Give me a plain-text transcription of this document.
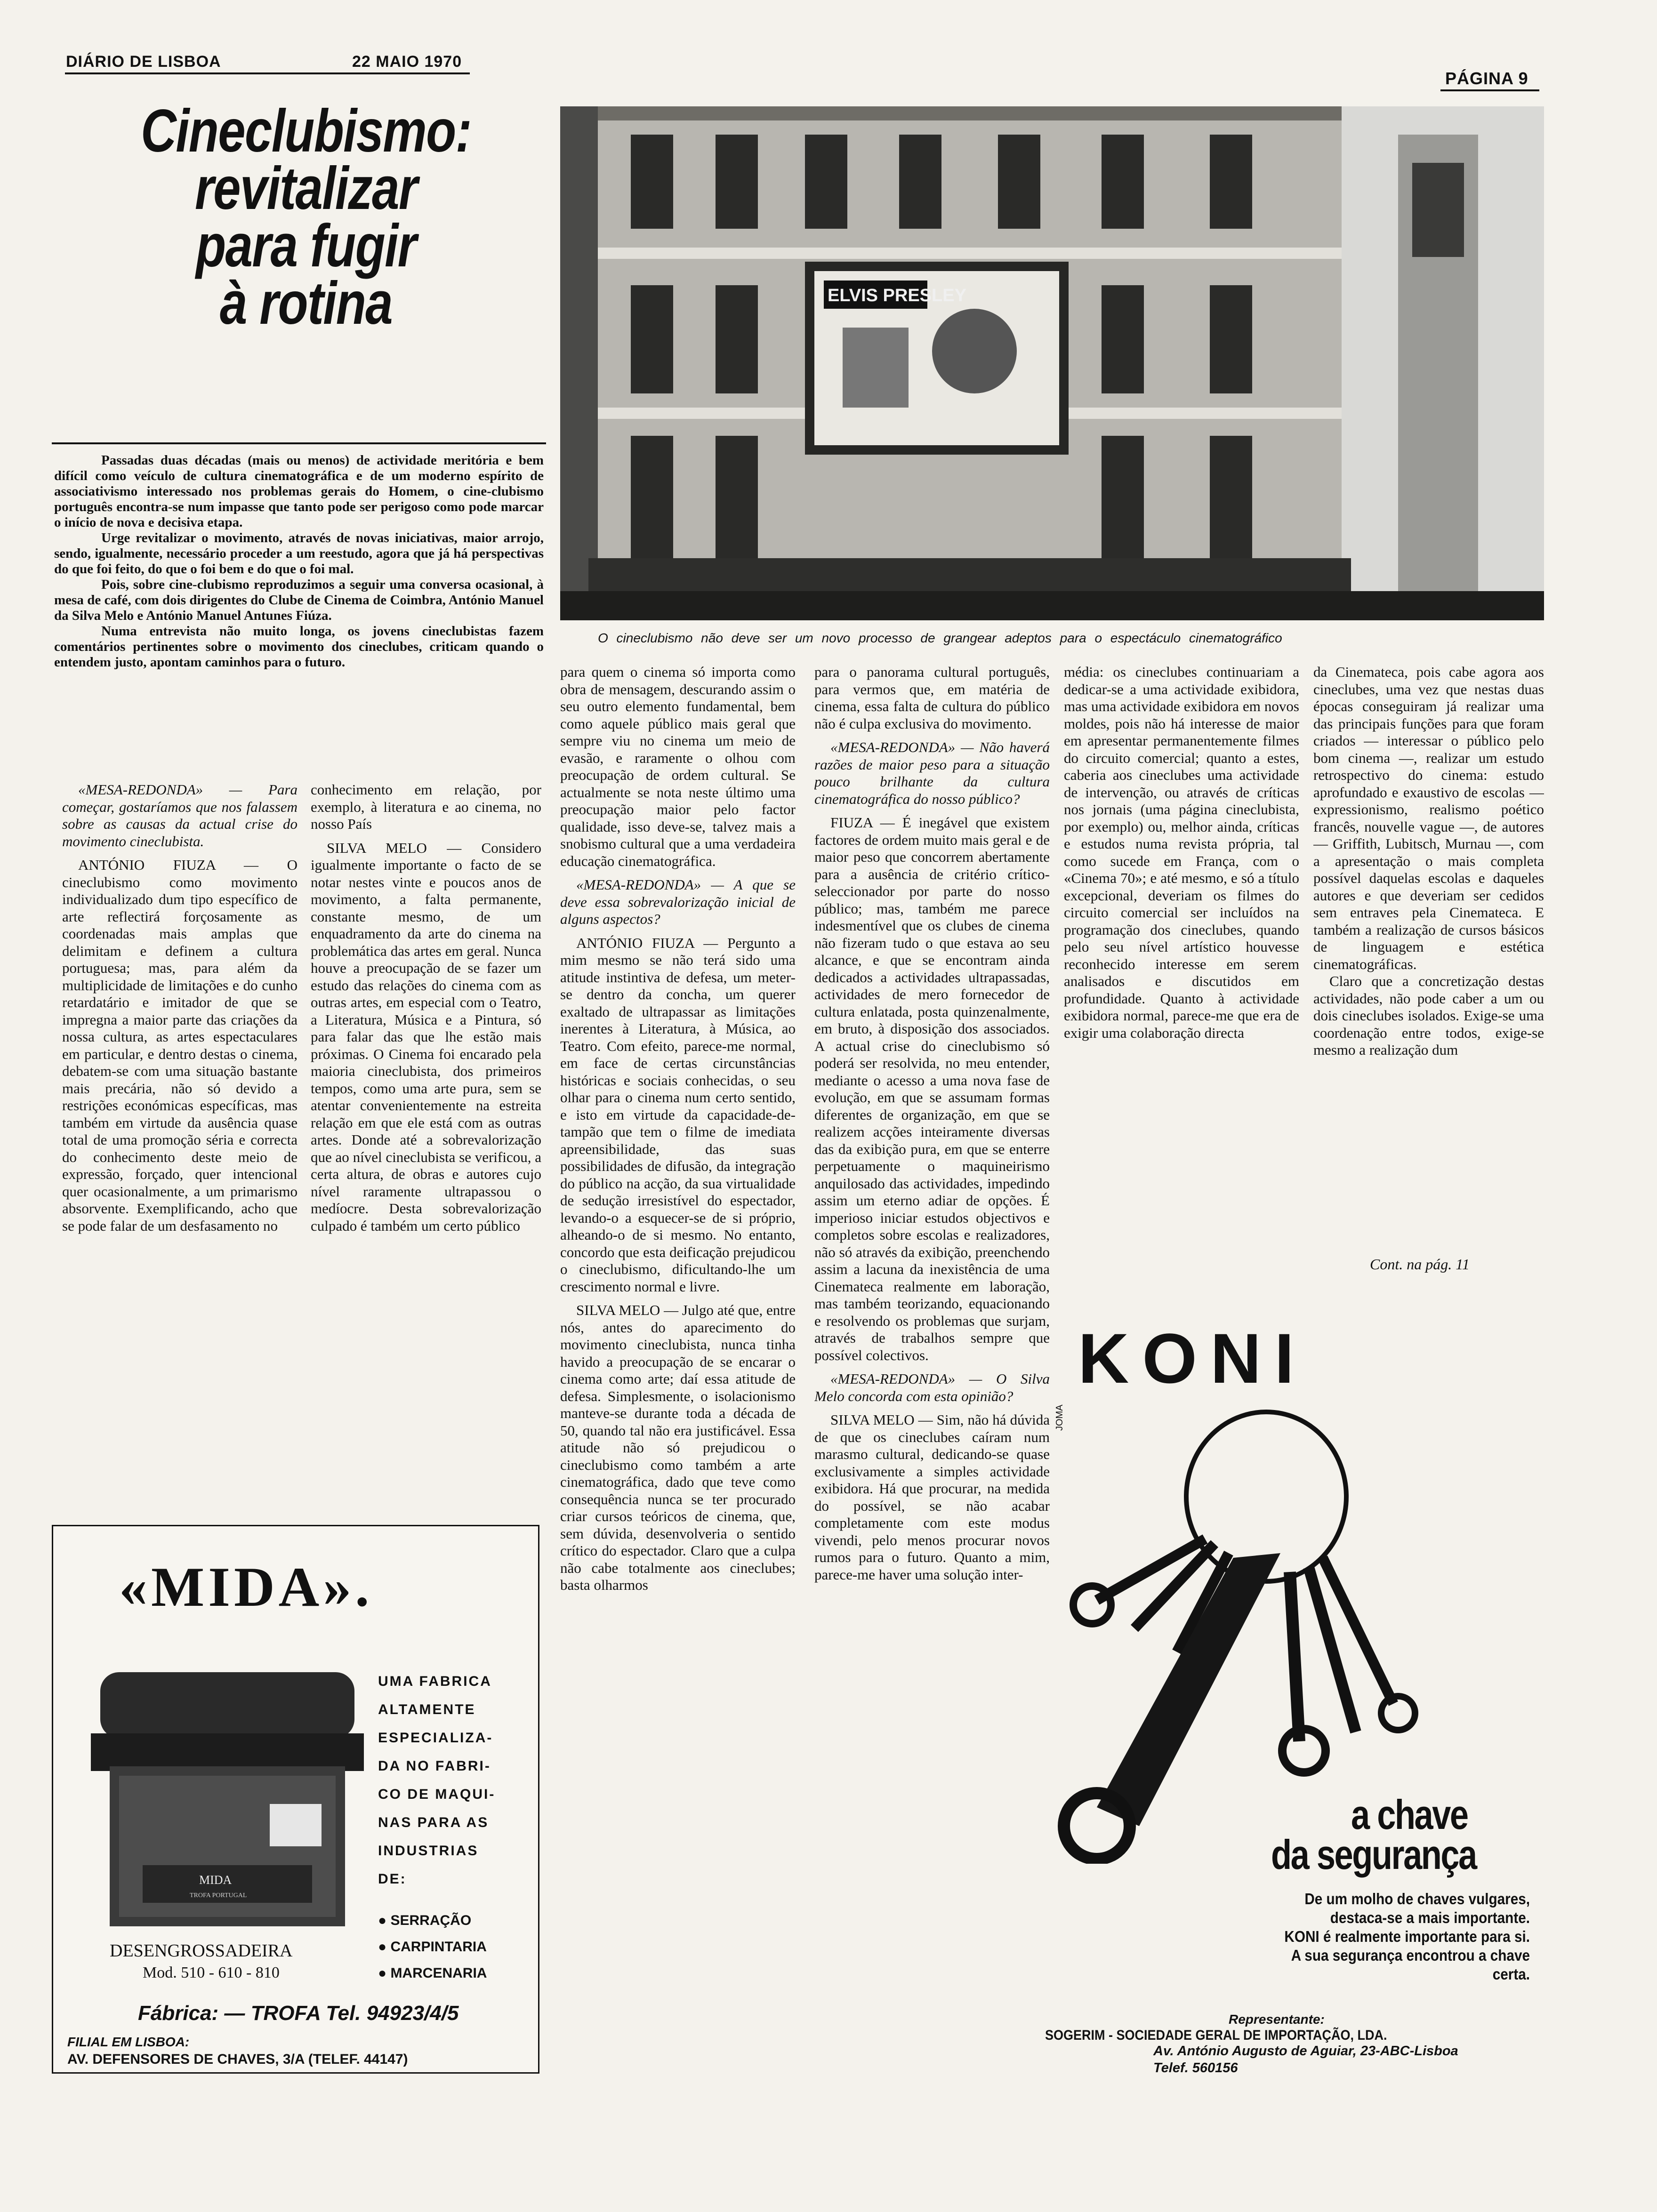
DIÁRIO DE LISBOA	22 MAIO 1970
PÁGINA 9
Cineclubismo:
revitalizar
para fugir
à rotina

Passadas duas décadas (mais ou menos) de actividade meritória e bem difícil como veículo de cultura cinematográfica e de um moderno espírito de associativismo interessado nos problemas gerais do Homem, o cine-clubismo português encontra-se num impasse que tanto pode ser perigoso como pode marcar o início de nova e decisiva etapa.

Urge revitalizar o movimento, através de novas iniciativas, maior arrojo, sendo, igualmente, necessário proceder a um reestudo, agora que já há perspectivas do que foi feito, do que o foi bem e do que o foi mal.

Pois, sobre cine-clubismo reproduzimos a seguir uma conversa ocasional, à mesa de café, com dois dirigentes do Clube de Cinema de Coimbra, António Manuel da Silva Melo e António Manuel Antunes Fiúza.

Numa entrevista não muito longa, os jovens cineclubistas fazem comentários pertinentes sobre o movimento dos cineclubes, criticam quando o entendem justo, apontam caminhos para o futuro.

ELVIS PRESLEY
O cineclubismo não deve ser um novo processo de grangear adeptos para o espectáculo cinematográfico

«MESA-REDONDA» — Para começar, gostaríamos que nos falassem sobre as causas da actual crise do movimento cineclubista.

ANTÓNIO FIUZA — O cineclubismo como movimento individualizado dum tipo específico de arte reflectirá forçosamente as coordenadas mais amplas que delimitam e definem a cultura portuguesa; mas, para além da multiplicidade de limitações e do cunho retardatário e imitador de que se impregna a maior parte das criações da nossa cultura, as artes espectaculares em particular, e dentro destas o cinema, debatem-se com uma situação bastante mais precária, não só devido a restrições económicas específicas, mas também em virtude da ausência quase total de uma promoção séria e correcta do conhecimento deste meio de expressão, forçado, quer intencional quer ocasionalmente, a um primarismo absorvente. Exemplificando, acho que se pode falar de um desfasamento no

conhecimento em relação, por exemplo, à literatura e ao cinema, no nosso País

SILVA MELO — Considero igualmente importante o facto de se notar nestes vinte e poucos anos de movimento, a falta permanente, constante mesmo, de um enquadramento da arte do cinema na problemática das artes em geral. Nunca houve a preocupação de se fazer um estudo das relações do cinema com as outras artes, em especial com o Teatro, a Literatura, Música e a Pintura, só para falar das que lhe estão mais próximas. O Cinema foi encarado pela maioria cineclubista, dos primeiros tempos, como uma arte pura, sem se atentar convenientemente na estreita relação em que ele está com as outras artes. Donde até a sobrevalorização que ao nível cineclubista se verificou, a certa altura, de obras e autores cujo nível raramente ultrapassou o medíocre. Desta sobrevalorização culpado é também um certo público

para quem o cinema só importa como obra de mensagem, descurando assim o seu outro elemento fundamental, bem como aquele público mais geral que sempre viu no cinema um meio de evasão, e raramente o olhou com preocupação de ordem cultural. Se actualmente se nota neste último uma preocupação maior pelo factor qualidade, isso deve-se, talvez mais a snobismo cultural que a uma verdadeira educação cinematográfica.

«MESA-REDONDA» — A que se deve essa sobrevalorização inicial de alguns aspectos?

ANTÓNIO FIUZA — Pergunto a mim mesmo se não terá sido uma atitude instintiva de defesa, um meter-se dentro da concha, um querer exaltado de ultrapassar as limitações inerentes à Literatura, à Música, ao Teatro. Com efeito, parece-me normal, em face de certas circunstâncias históricas e sociais conhecidas, o seu olhar para o cinema num certo sentido, e isto em virtude da capacidade-de-tampão que tem o filme de imediata apreensibilidade, das suas possibilidades de difusão, da integração do público na acção, da sua virtualidade de sedução irresistível do espectador, levando-o a esquecer-se de si próprio, alheando-o de si mesmo. No entanto, concordo que esta deificação prejudicou o cineclubismo, dificultando-lhe um crescimento normal e livre.

SILVA MELO — Julgo até que, entre nós, antes do aparecimento do movimento cineclubista, nunca tinha havido a preocupação de se encarar o cinema como arte; daí essa atitude de defesa. Simplesmente, o isolacionismo manteve-se durante toda a década de 50, quando tal não era justificável. Essa atitude não só prejudicou o cineclubismo como também a arte cinematográfica, dado que teve como consequência nunca se ter procurado criar cursos teóricos de cinema, que, sem dúvida, desenvolveria o sentido crítico do espectador. Claro que a culpa não cabe totalmente aos cineclubes; basta olharmos

para o panorama cultural português, para vermos que, em matéria de cinema, essa falta de cultura do público não é culpa exclusiva do movimento.

«MESA-REDONDA» — Não haverá razões de maior peso para a situação pouco brilhante da cultura cinematográfica do nosso público?

FIUZA — É inegável que existem factores de ordem muito mais geral e de maior peso que concorrem abertamente para a ausência de critério crítico-seleccionador por parte do nosso público; mas, também me parece indesmentível que os clubes de cinema não fizeram tudo o que estava ao seu alcance, e que se encontram ainda dedicados a actividades ultrapassadas, actividades de mero fornecedor de cultura enlatada, posta quinzenalmente, em bruto, à disposição dos associados. A actual crise do cineclubismo só poderá ser resolvida, no meu entender, mediante o acesso a uma nova fase de evolução, em que se assumam formas diferentes de organização, em que se realizem acções inteiramente diversas das da exibição pura, em que se enterre perpetuamente o maquineirismo anquilosado das actividades, impedindo assim um eterno adiar de opções. É imperioso iniciar estudos objectivos e completos sobre escolas e realizadores, não só através da exibição, preenchendo assim a lacuna da inexistência de uma Cinemateca realmente em laboração, mas também teorizando, equacionando e resolvendo os problemas que surjam, através de trabalhos sempre que possível colectivos.

«MESA-REDONDA» — O Silva Melo concorda com esta opinião?

SILVA MELO — Sim, não há dúvida de que os cineclubes caíram num marasmo cultural, dedicando-se quase exclusivamente a simples actividade exibidora. Há que procurar, na medida do possível, se não acabar completamente com este modus vivendi, pelo menos procurar novos rumos para o futuro. Quanto a mim, parece-me haver uma solução inter-

média: os cineclubes continuariam a dedicar-se a uma actividade exibidora, mas uma actividade exibidora em novos moldes, pois não há interesse de maior em apresentar permanentemente filmes do circuito comercial; quanto a estes, caberia aos cineclubes uma actividade de intervenção, ou através de críticas nos jornais (uma página cineclubista, por exemplo) ou, melhor ainda, críticas e estudos numa revista própria, tal como sucede em França, com o «Cinema 70»; e até mesmo, e só a título excepcional, deveriam os filmes do circuito comercial ser incluídos na programação dos cineclubes, quando pelo seu nível artístico houvesse reconhecido interesse em serem analisados e discutidos em profundidade. Quanto à actividade exibidora normal, parece-me que era de exigir uma colaboração directa

da Cinemateca, pois cabe agora aos cineclubes, uma vez que nestas duas épocas conseguiram já realizar uma das principais funções para que foram criados — interessar o público pelo bom cinema —, realizar um estudo retrospectivo do cinema: estudo aprofundado e exaustivo de escolas — expressionismo, realismo poético francês, nouvelle vague —, de autores — Griffith, Lubitsch, Murnau —, com a apresentação o mais completa possível daquelas escolas e daqueles autores e que deveriam ser cedidos sem entraves pela Cinemateca. E também a realização de cursos básicos de linguagem e estética cinematográficas.

Claro que a concretização destas actividades, não pode caber a um ou dois cineclubes isolados. Exige-se uma coordenação entre todos, exige-se mesmo a realização dum

Cont. na pág. 11
«MIDA».
MIDA
TROFA PORTUGAL
UMA FABRICA
ALTAMENTE
ESPECIALIZA-
DA NO FABRI-
CO DE MAQUI-
NAS PARA AS
INDUSTRIAS
DE:
● SERRAÇÃO
● CARPINTARIA
● MARCENARIA
DESENGROSSADEIRA
Mod. 510 - 610 - 810
Fábrica: — TROFA Tel. 94923/4/5
FILIAL EM LISBOA:
AV. DEFENSORES DE CHAVES, 3/A (TELEF. 44147)
KONI
a chave
da segurança
De um molho de chaves vulgares,
destaca-se a mais importante.
KONI é realmente importante para si.
A sua segurança encontrou a chave certa.
Representante:
SOGERIM - SOCIEDADE GERAL DE IMPORTAÇÃO, LDA.
Av. António Augusto de Aguiar, 23-ABC-Lisboa
Telef. 560156
JOMA
